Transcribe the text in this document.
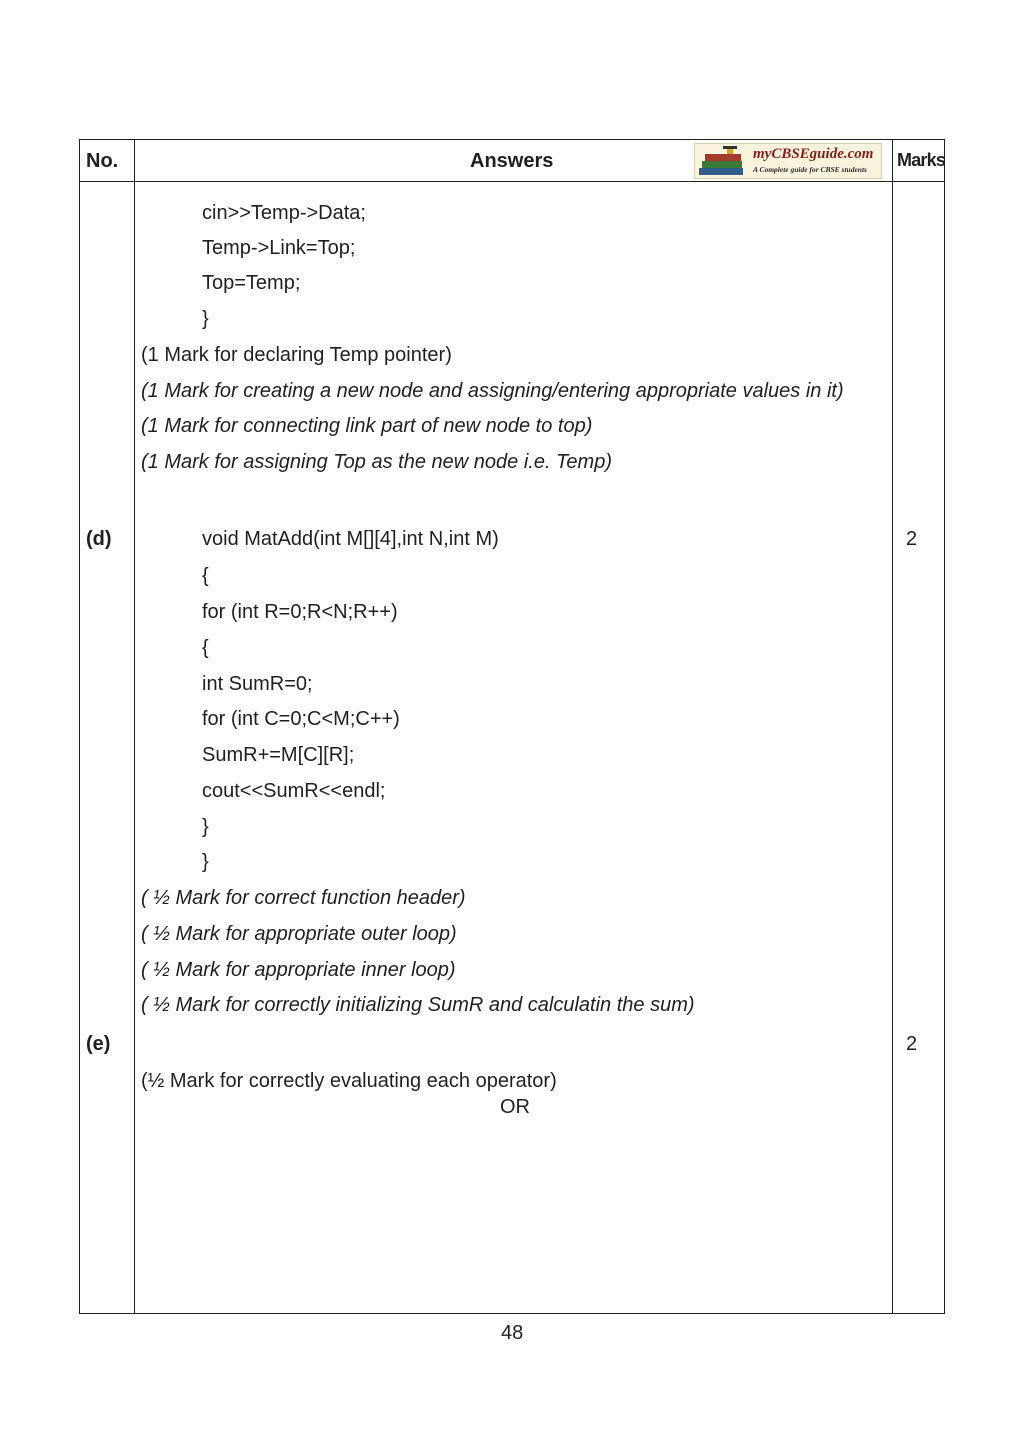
No.	Answers	Marks
myCBSEguide.com
A Complete guide for CBSE students
cin>>Temp->Data;
Temp->Link=Top;
Top=Temp;
}
(1 Mark for declaring Temp pointer)
(1 Mark for creating a new node and assigning/entering appropriate values in it)
(1 Mark for connecting link part of new node to top)
(1 Mark for assigning Top as the new node i.e. Temp)
(d)	2
void MatAdd(int M[][4],int N,int M)
{
for (int R=0;R<N;R++)
{
int SumR=0;
for (int C=0;C<M;C++)
SumR+=M[C][R];
cout<<SumR<<endl;
}
}
( ½ Mark for correct function header)
( ½ Mark for appropriate outer loop)
( ½ Mark for appropriate inner loop)
( ½ Mark for correctly initializing SumR and calculatin the sum)
(e)	2
(½ Mark for correctly evaluating each operator)
OR
48
